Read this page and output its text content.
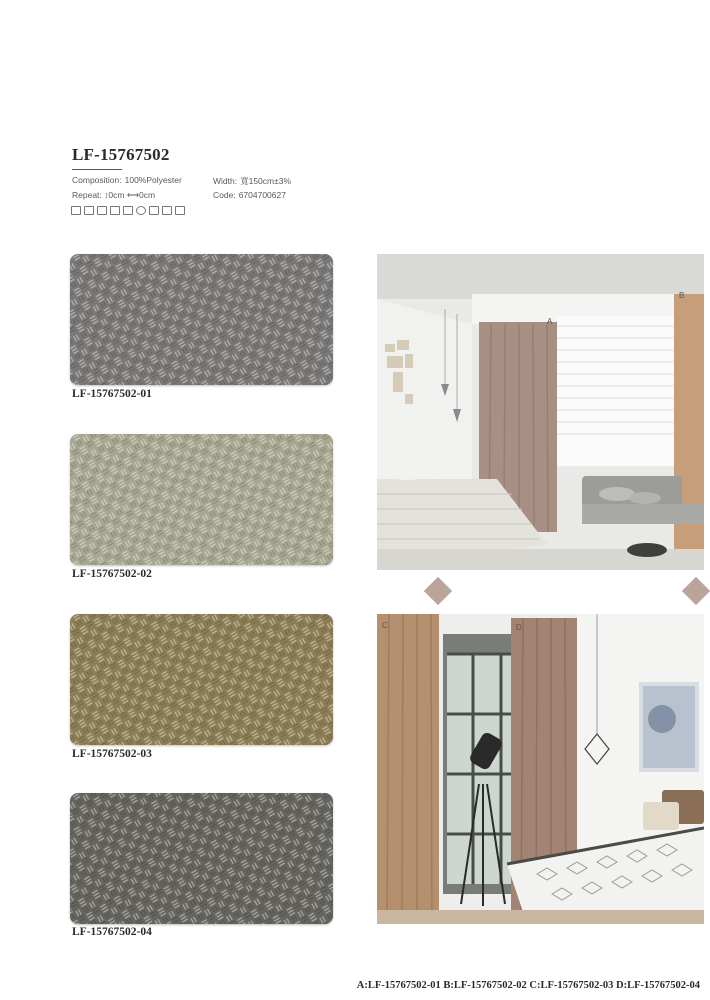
LF-15767502
Composition: 100%Polyester	Width: 寬150cm±3%
Repeat: ↕0cm ⟷0cm	Code: 6704700627
LF-15767502-01
LF-15767502-02
LF-15767502-03
LF-15767502-04
A
B
C	D
A:LF-15767502-01 B:LF-15767502-02 C:LF-15767502-03 D:LF-15767502-04
